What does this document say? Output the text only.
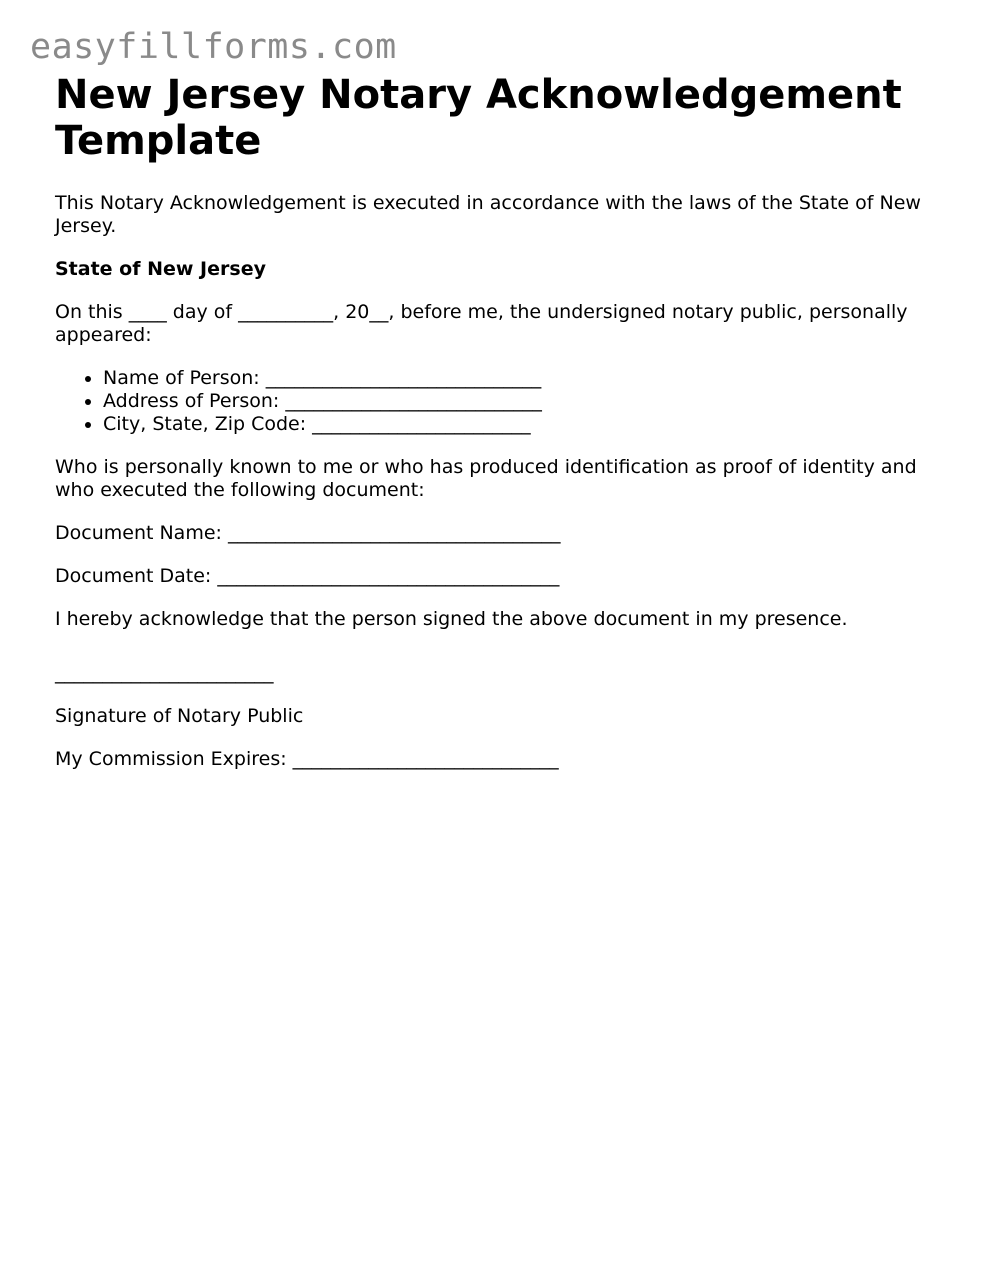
easyfillforms.com
New Jersey Notary Acknowledgement Template

This Notary Acknowledgement is executed in accordance with the laws of the State of New Jersey.

State of New Jersey

On this ____ day of __________, 20__, before me, the undersigned notary public, personally appeared:

• Name of Person: _____________________________
• Address of Person: ___________________________
• City, State, Zip Code: _______________________

Who is personally known to me or who has produced identification as proof of identity and who executed the following document:

Document Name: ___________________________________

Document Date: ____________________________________

I hereby acknowledge that the person signed the above document in my presence.

_______________________

Signature of Notary Public

My Commission Expires: ____________________________
